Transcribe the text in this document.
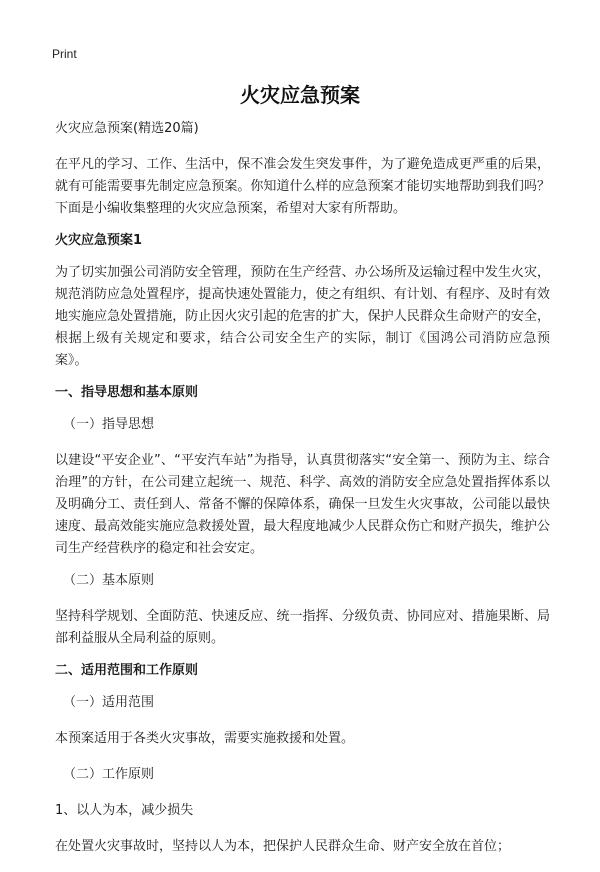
Print
火灾应急预案

火灾应急预案(精选20篇)

在平凡的学习、工作、生活中，保不准会发生突发事件，为了避免造成更严重的后果，就有可能需要事先制定应急预案。你知道什么样的应急预案才能切实地帮助到我们吗？下面是小编收集整理的火灾应急预案，希望对大家有所帮助。

火灾应急预案1

为了切实加强公司消防安全管理，预防在生产经营、办公场所及运输过程中发生火灾，规范消防应急处置程序，提高快速处置能力，使之有组织、有计划、有程序、及时有效地实施应急处置措施，防止因火灾引起的危害的扩大，保护人民群众生命财产的安全，根据上级有关规定和要求，结合公司安全生产的实际，制订《国鸿公司消防应急预案》。

一、指导思想和基本原则

（一）指导思想

以建设“平安企业”、“平安汽车站”为指导，认真贯彻落实“安全第一、预防为主、综合治理”的方针，在公司建立起统一、规范、科学、高效的消防安全应急处置指挥体系以及明确分工、责任到人、常备不懈的保障体系，确保一旦发生火灾事故，公司能以最快速度、最高效能实施应急救援处置，最大程度地减少人民群众伤亡和财产损失，维护公司生产经营秩序的稳定和社会安定。

（二）基本原则

坚持科学规划、全面防范、快速反应、统一指挥、分级负责、协同应对、措施果断、局部利益服从全局利益的原则。

二、适用范围和工作原则

（一）适用范围

本预案适用于各类火灾事故，需要实施救援和处置。

（二）工作原则

1、以人为本，减少损失

在处置火灾事故时，坚持以人为本，把保护人民群众生命、财产安全放在首位；
